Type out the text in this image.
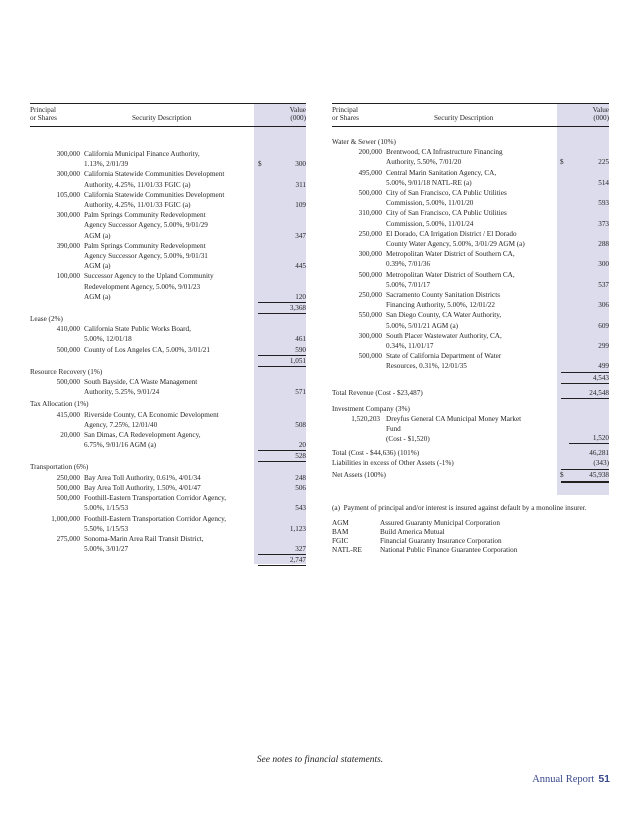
Principal
or Shares	Security Description
Value
(000)
300,000 California Municipal Finance Authority,
1.13%, 2/01/39	$	300
300,000 California Statewide Communities Development
Authority, 4.25%, 11/01/33 FGIC (a)	311
105,000 California Statewide Communities Development
Authority, 4.25%, 11/01/33 FGIC (a)	109
300,000 Palm Springs Community Redevelopment
Agency Successor Agency, 5.00%, 9/01/29
AGM (a)	347
390,000 Palm Springs Community Redevelopment
Agency Successor Agency, 5.00%, 9/01/31
AGM (a)	445
100,000 Successor Agency to the Upland Community
Redevelopment Agency, 5.00%, 9/01/23
AGM (a)	120
3,368
Lease (2%)
410,000 California State Public Works Board,
5.00%, 12/01/18	461
500,000 County of Los Angeles CA, 5.00%, 3/01/21	590
1,051
Resource Recovery (1%)
500,000 South Bayside, CA Waste Management
Authority, 5.25%, 9/01/24	571
Tax Allocation (1%)
415,000 Riverside County, CA Economic Development
Agency, 7.25%, 12/01/40	508
20,000 San Dimas, CA Redevelopment Agency,
6.75%, 9/01/16 AGM (a)	20
528
Transportation (6%)
250,000 Bay Area Toll Authority, 0.61%, 4/01/34	248
500,000 Bay Area Toll Authority, 1.50%, 4/01/47	506
500,000 Foothill-Eastern Transportation Corridor Agency,
5.00%, 1/15/53	543
1,000,000 Foothill-Eastern Transportation Corridor Agency,
5.50%, 1/15/53	1,123
275,000 Sonoma-Marin Area Rail Transit District,
5.00%, 3/01/27	327
2,747
Principal
or Shares	Security Description
Value
(000)
Water & Sewer (10%)
200,000 Brentwood, CA Infrastructure Financing
Authority, 5.50%, 7/01/20	$	225
495,000 Central Marin Sanitation Agency, CA,
5.00%, 9/01/18 NATL-RE (a)	514
500,000 City of San Francisco, CA Public Utilities
Commission, 5.00%, 11/01/20	593
310,000 City of San Francisco, CA Public Utilities
Commission, 5.00%, 11/01/24	373
250,000 El Dorado, CA Irrigation District / El Dorado
County Water Agency, 5.00%, 3/01/29 AGM (a)	288
300,000 Metropolitan Water District of Southern CA,
0.39%, 7/01/36	300
500,000 Metropolitan Water District of Southern CA,
5.00%, 7/01/17	537
250,000 Sacramento County Sanitation Districts
Financing Authority, 5.00%, 12/01/22	306
550,000 San Diego County, CA Water Authority,
5.00%, 5/01/21 AGM (a)	609
300,000 South Placer Wastewater Authority, CA,
0.34%, 11/01/17	299
500,000 State of California Department of Water
Resources, 0.31%, 12/01/35	499
4,543
Total Revenue (Cost - $23,487)	24,548
Investment Company (3%)
1,520,203 Dreyfus General CA Municipal Money Market
Fund
(Cost - $1,520)	1,520
Total (Cost - $44,636) (101%)	46,281
Liabilities in excess of Other Assets (-1%)	(343)
Net Assets (100%)	$	45,938
(a)  Payment of principal and/or interest is insured against default by a monoline insurer.
AGM	Assured Guaranty Municipal Corporation
BAM	Build America Mutual
FGIC	Financial Guaranty Insurance Corporation
NATL-RE	National Public Finance Guarantee Corporation
See notes to financial statements.
Annual Report 51
